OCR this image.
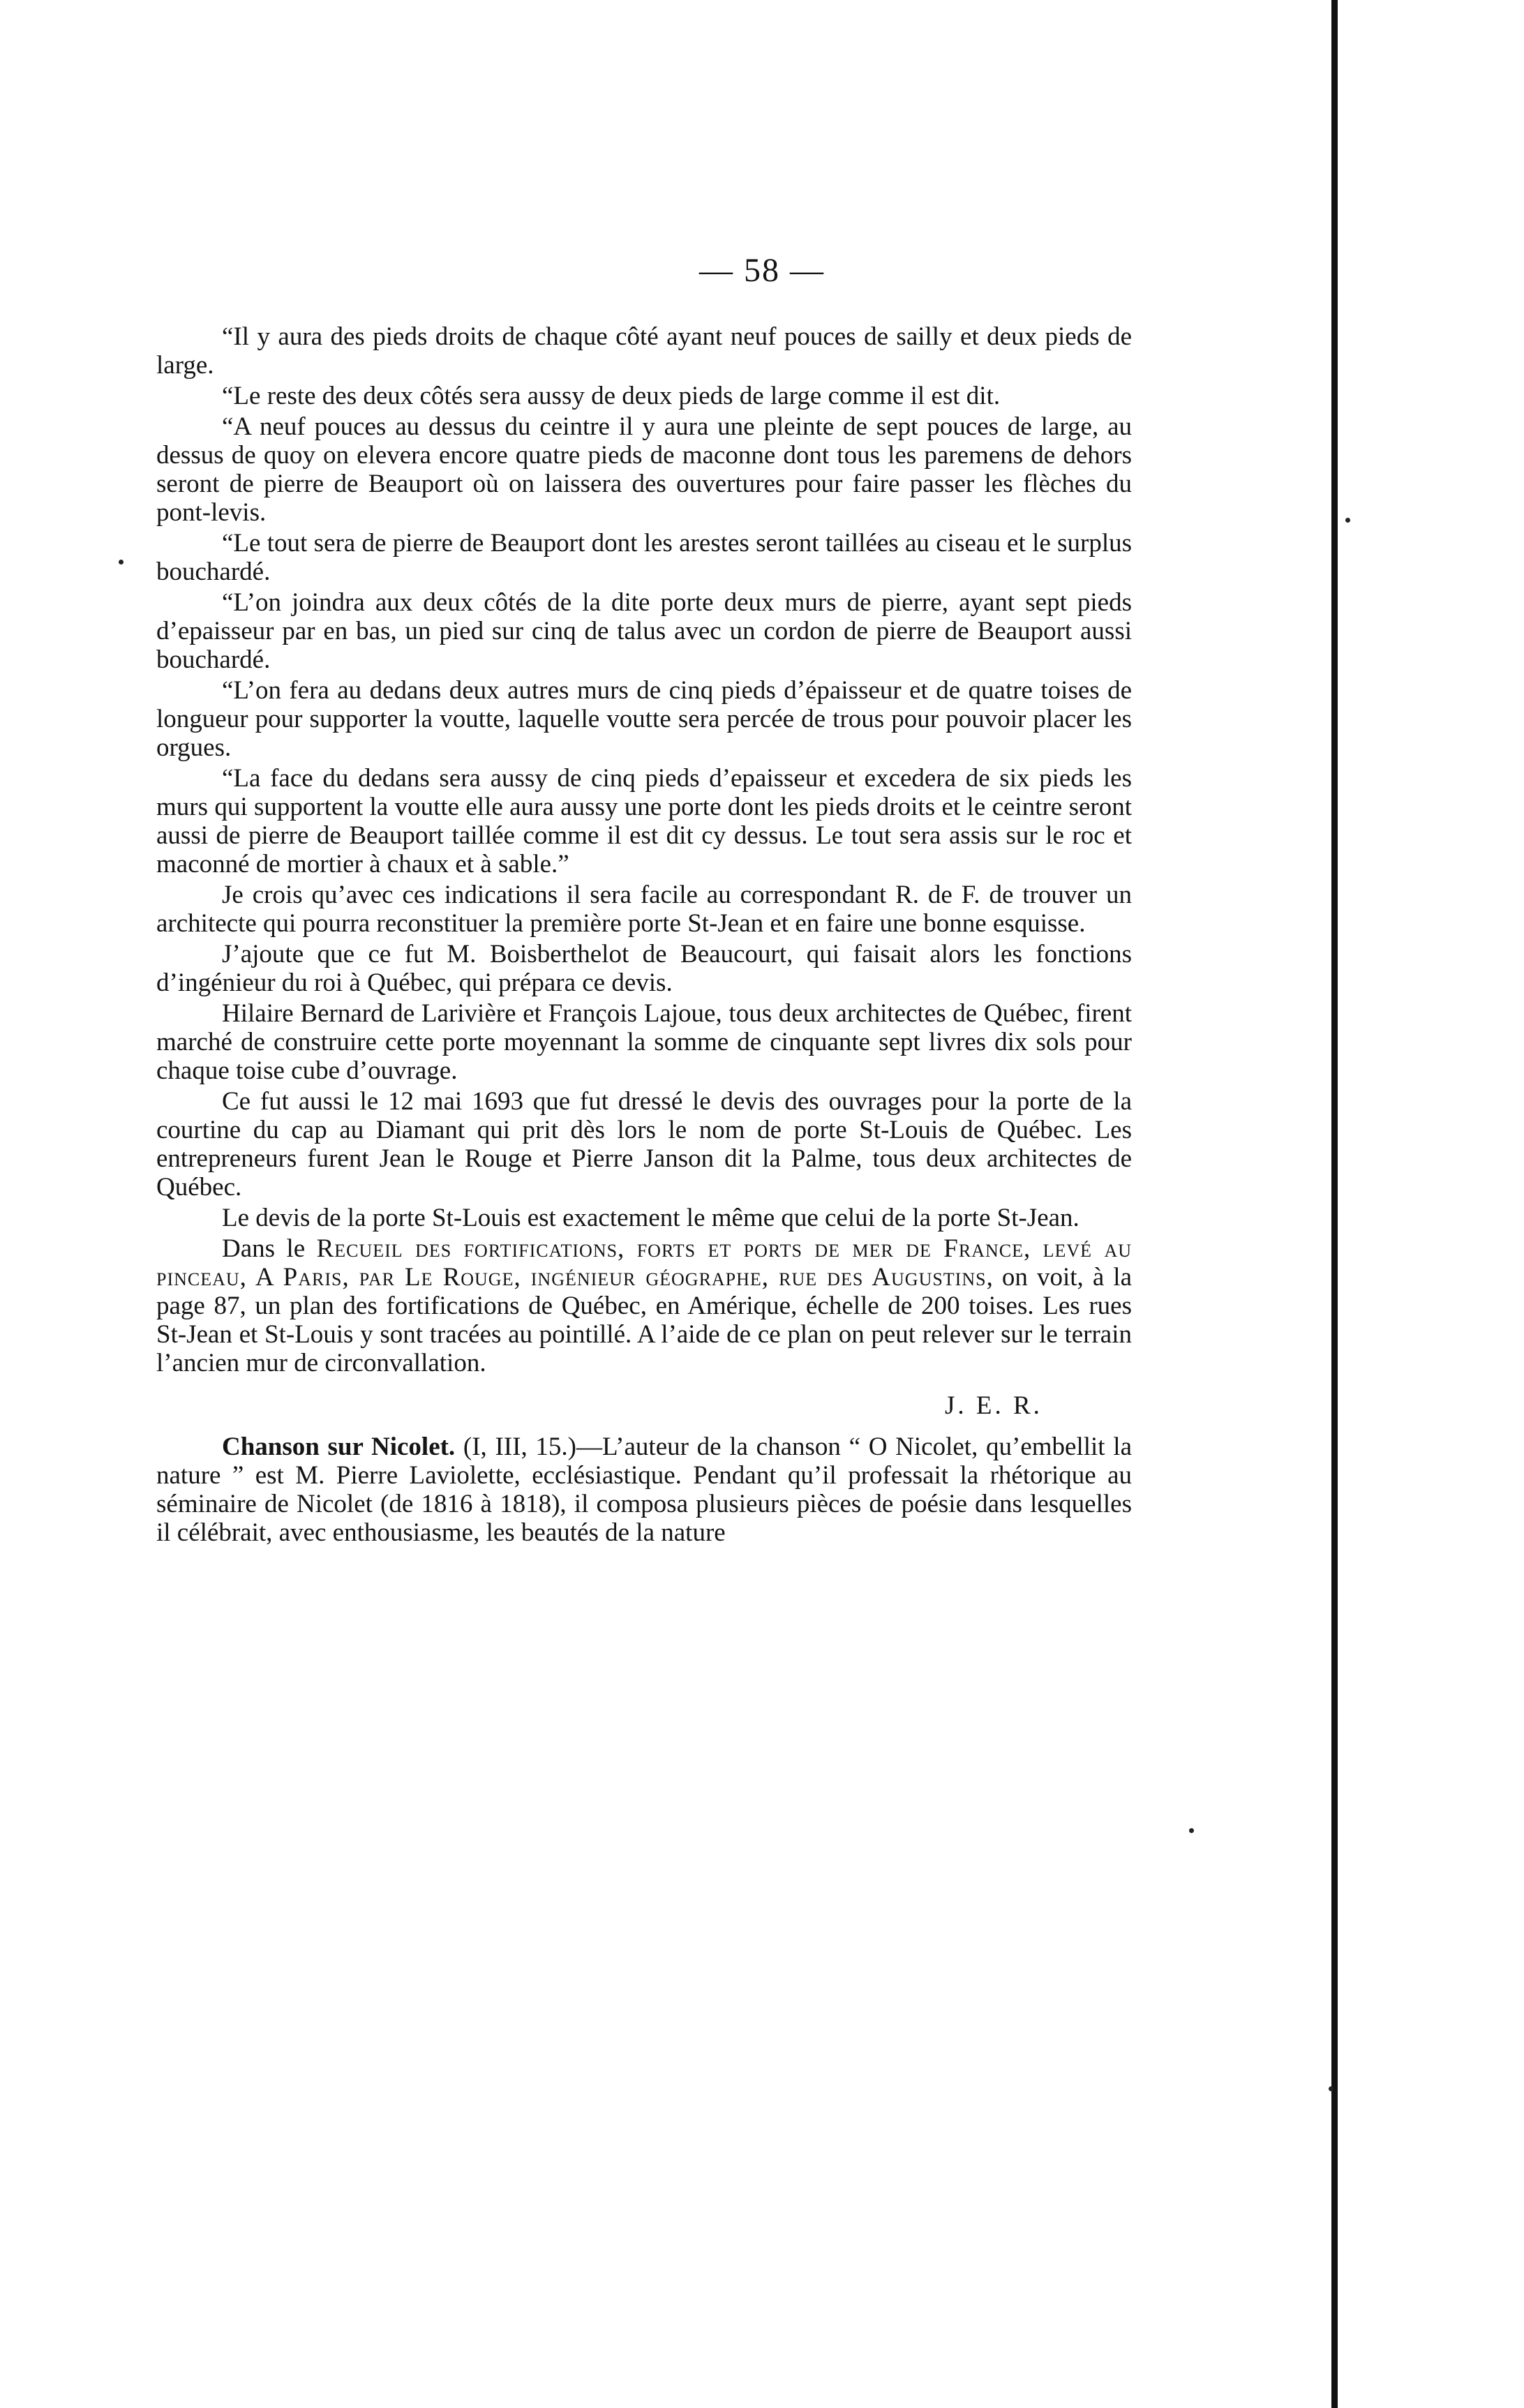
— 58 —

“Il y aura des pieds droits de chaque côté ayant neuf pouces de sailly et deux pieds de large.

“Le reste des deux côtés sera aussy de deux pieds de large comme il est dit.

“A neuf pouces au dessus du ceintre il y aura une pleinte de sept pouces de large, au dessus de quoy on elevera encore quatre pieds de maconne dont tous les paremens de dehors seront de pierre de Beauport où on laissera des ouvertures pour faire passer les flèches du pont-levis.

“Le tout sera de pierre de Beauport dont les arestes seront taillées au ciseau et le surplus bouchardé.

“L’on joindra aux deux côtés de la dite porte deux murs de pierre, ayant sept pieds d’epaisseur par en bas, un pied sur cinq de talus avec un cordon de pierre de Beauport aussi bouchardé.

“L’on fera au dedans deux autres murs de cinq pieds d’épaisseur et de quatre toises de longueur pour supporter la voutte, laquelle voutte sera percée de trous pour pouvoir placer les orgues.

“La face du dedans sera aussy de cinq pieds d’epaisseur et excedera de six pieds les murs qui supportent la voutte elle aura aussy une porte dont les pieds droits et le ceintre seront aussi de pierre de Beauport taillée comme il est dit cy dessus. Le tout sera assis sur le roc et maconné de mortier à chaux et à sable.”

Je crois qu’avec ces indications il sera facile au correspondant R. de F. de trouver un architecte qui pourra reconstituer la première porte St-Jean et en faire une bonne esquisse.

J’ajoute que ce fut M. Boisberthelot de Beaucourt, qui faisait alors les fonctions d’ingénieur du roi à Québec, qui prépara ce devis.

Hilaire Bernard de Larivière et François Lajoue, tous deux architectes de Québec, firent marché de construire cette porte moyennant la somme de cinquante sept livres dix sols pour chaque toise cube d’ouvrage.

Ce fut aussi le 12 mai 1693 que fut dressé le devis des ouvrages pour la porte de la courtine du cap au Diamant qui prit dès lors le nom de porte St-Louis de Québec. Les entrepreneurs furent Jean le Rouge et Pierre Janson dit la Palme, tous deux architectes de Québec.

Le devis de la porte St-Louis est exactement le même que celui de la porte St-Jean.

Dans le Recueil des fortifications, forts et ports de mer de France, levé au pinceau, A Paris, par Le Rouge, ingénieur géographe, rue des Augustins, on voit, à la page 87, un plan des fortifications de Québec, en Amérique, échelle de 200 toises. Les rues St-Jean et St-Louis y sont tracées au pointillé. A l’aide de ce plan on peut relever sur le terrain l’ancien mur de circonvallation.

J. E. R.

Chanson sur Nicolet. (I, III, 15.)—L’auteur de la chanson “ O Nicolet, qu’embellit la nature ” est M. Pierre Laviolette, ecclésiastique. Pendant qu’il professait la rhétorique au séminaire de Nicolet (de 1816 à 1818), il composa plusieurs pièces de poésie dans lesquelles il célébrait, avec enthousiasme, les beautés de la nature
